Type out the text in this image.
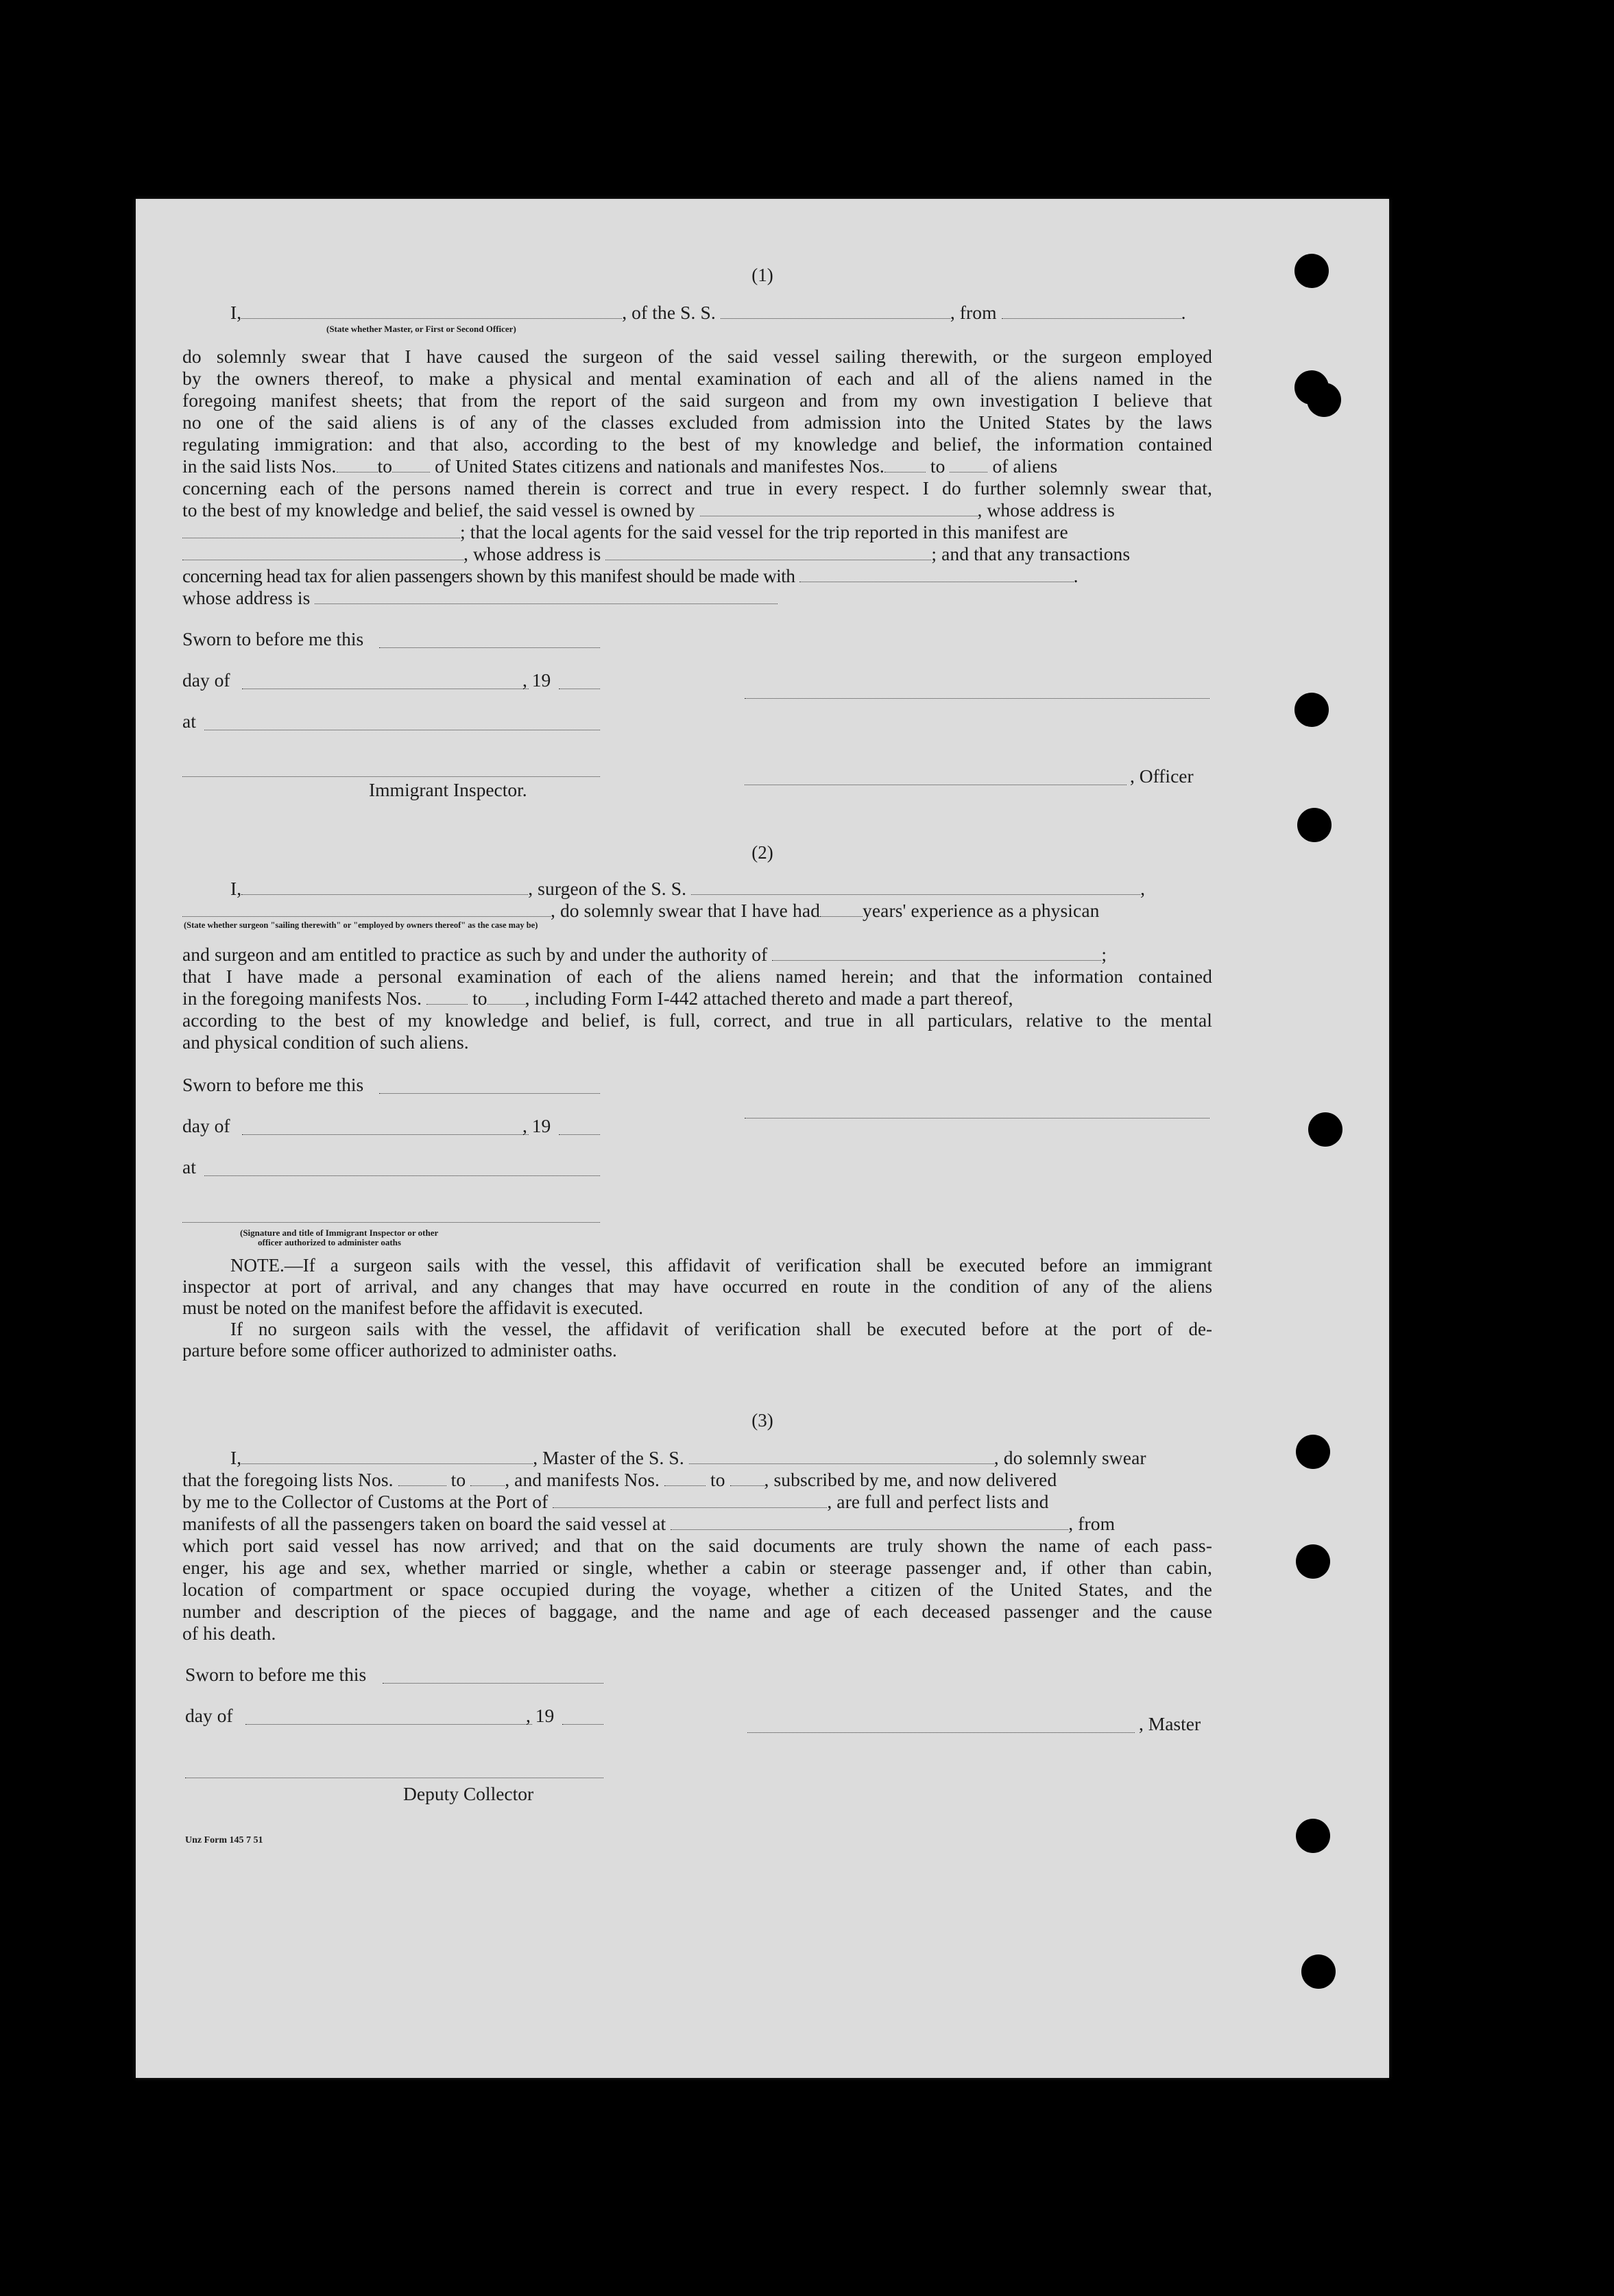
(1)
I,	, of the S. S.	, from	.
(State whether Master, or First or Second Officer)
do solemnly swear that I have caused the surgeon of the said vessel sailing therewith, or the surgeon employed
by the owners thereof, to make a physical and mental examination of each and all of the aliens named in the
foregoing manifest sheets; that from the report of the said surgeon and from my own investigation I believe that
no one of the said aliens is of any of the classes excluded from admission into the United States by the laws
regulating immigration: and that also, according to the best of my knowledge and belief, the information contained
in the said lists Nos. to of United States citizens and nationals and manifestes Nos. to	of aliens
concerning each of the persons named therein is correct and true in every respect. I do further solemnly swear that,
to the best of my knowledge and belief, the said vessel is owned by	, whose address is
; that the local agents for the said vessel for the trip reported in this manifest are
, whose address is	; and that any transactions
concerning head tax for alien passengers shown by this manifest should be made with	.
whose address is
Sworn to before me this
day of	, 19
at
, Officer
Immigrant Inspector.
(2)
I,	, surgeon of the S. S.	,
, do solemnly swear that I have had years' experience as a physican
(State whether surgeon "sailing therewith" or "employed by owners thereof" as the case may be)
and surgeon and am entitled to practice as such by and under the authority of	;
that I have made a personal examination of each of the aliens named herein; and that the information contained
in the foregoing manifests Nos.	to , including Form I-442 attached thereto and made a part thereof,
according to the best of my knowledge and belief, is full, correct, and true in all particulars, relative to the mental
and physical condition of such aliens.
Sworn to before me this
day of	, 19
at
(Signature and title of Immigrant Inspector or other
officer authorized to administer oaths
NOTE.—If a surgeon sails with the vessel, this affidavit of verification shall be executed before an immigrant
inspector at port of arrival, and any changes that may have occurred en route in the condition of any of the aliens
must be noted on the manifest before the affidavit is executed.
If no surgeon sails with the vessel, the affidavit of verification shall be executed before at the port of de-
parture before some officer authorized to administer oaths.
(3)
I,	, Master of the S. S.	, do solemnly swear
that the foregoing lists Nos.	to , and manifests Nos.	to , subscribed by me, and now delivered
by me to the Collector of Customs at the Port of	, are full and perfect lists and
manifests of all the passengers taken on board the said vessel at	, from
which port said vessel has now arrived; and that on the said documents are truly shown the name of each pass-
enger, his age and sex, whether married or single, whether a cabin or steerage passenger and, if other than cabin,
location of compartment or space occupied during the voyage, whether a citizen of the United States, and the
number and description of the pieces of baggage, and the name and age of each deceased passenger and the cause
of his death.
Sworn to before me this
day of	, 19	, Master
Deputy Collector
Unz Form 145 7 51
